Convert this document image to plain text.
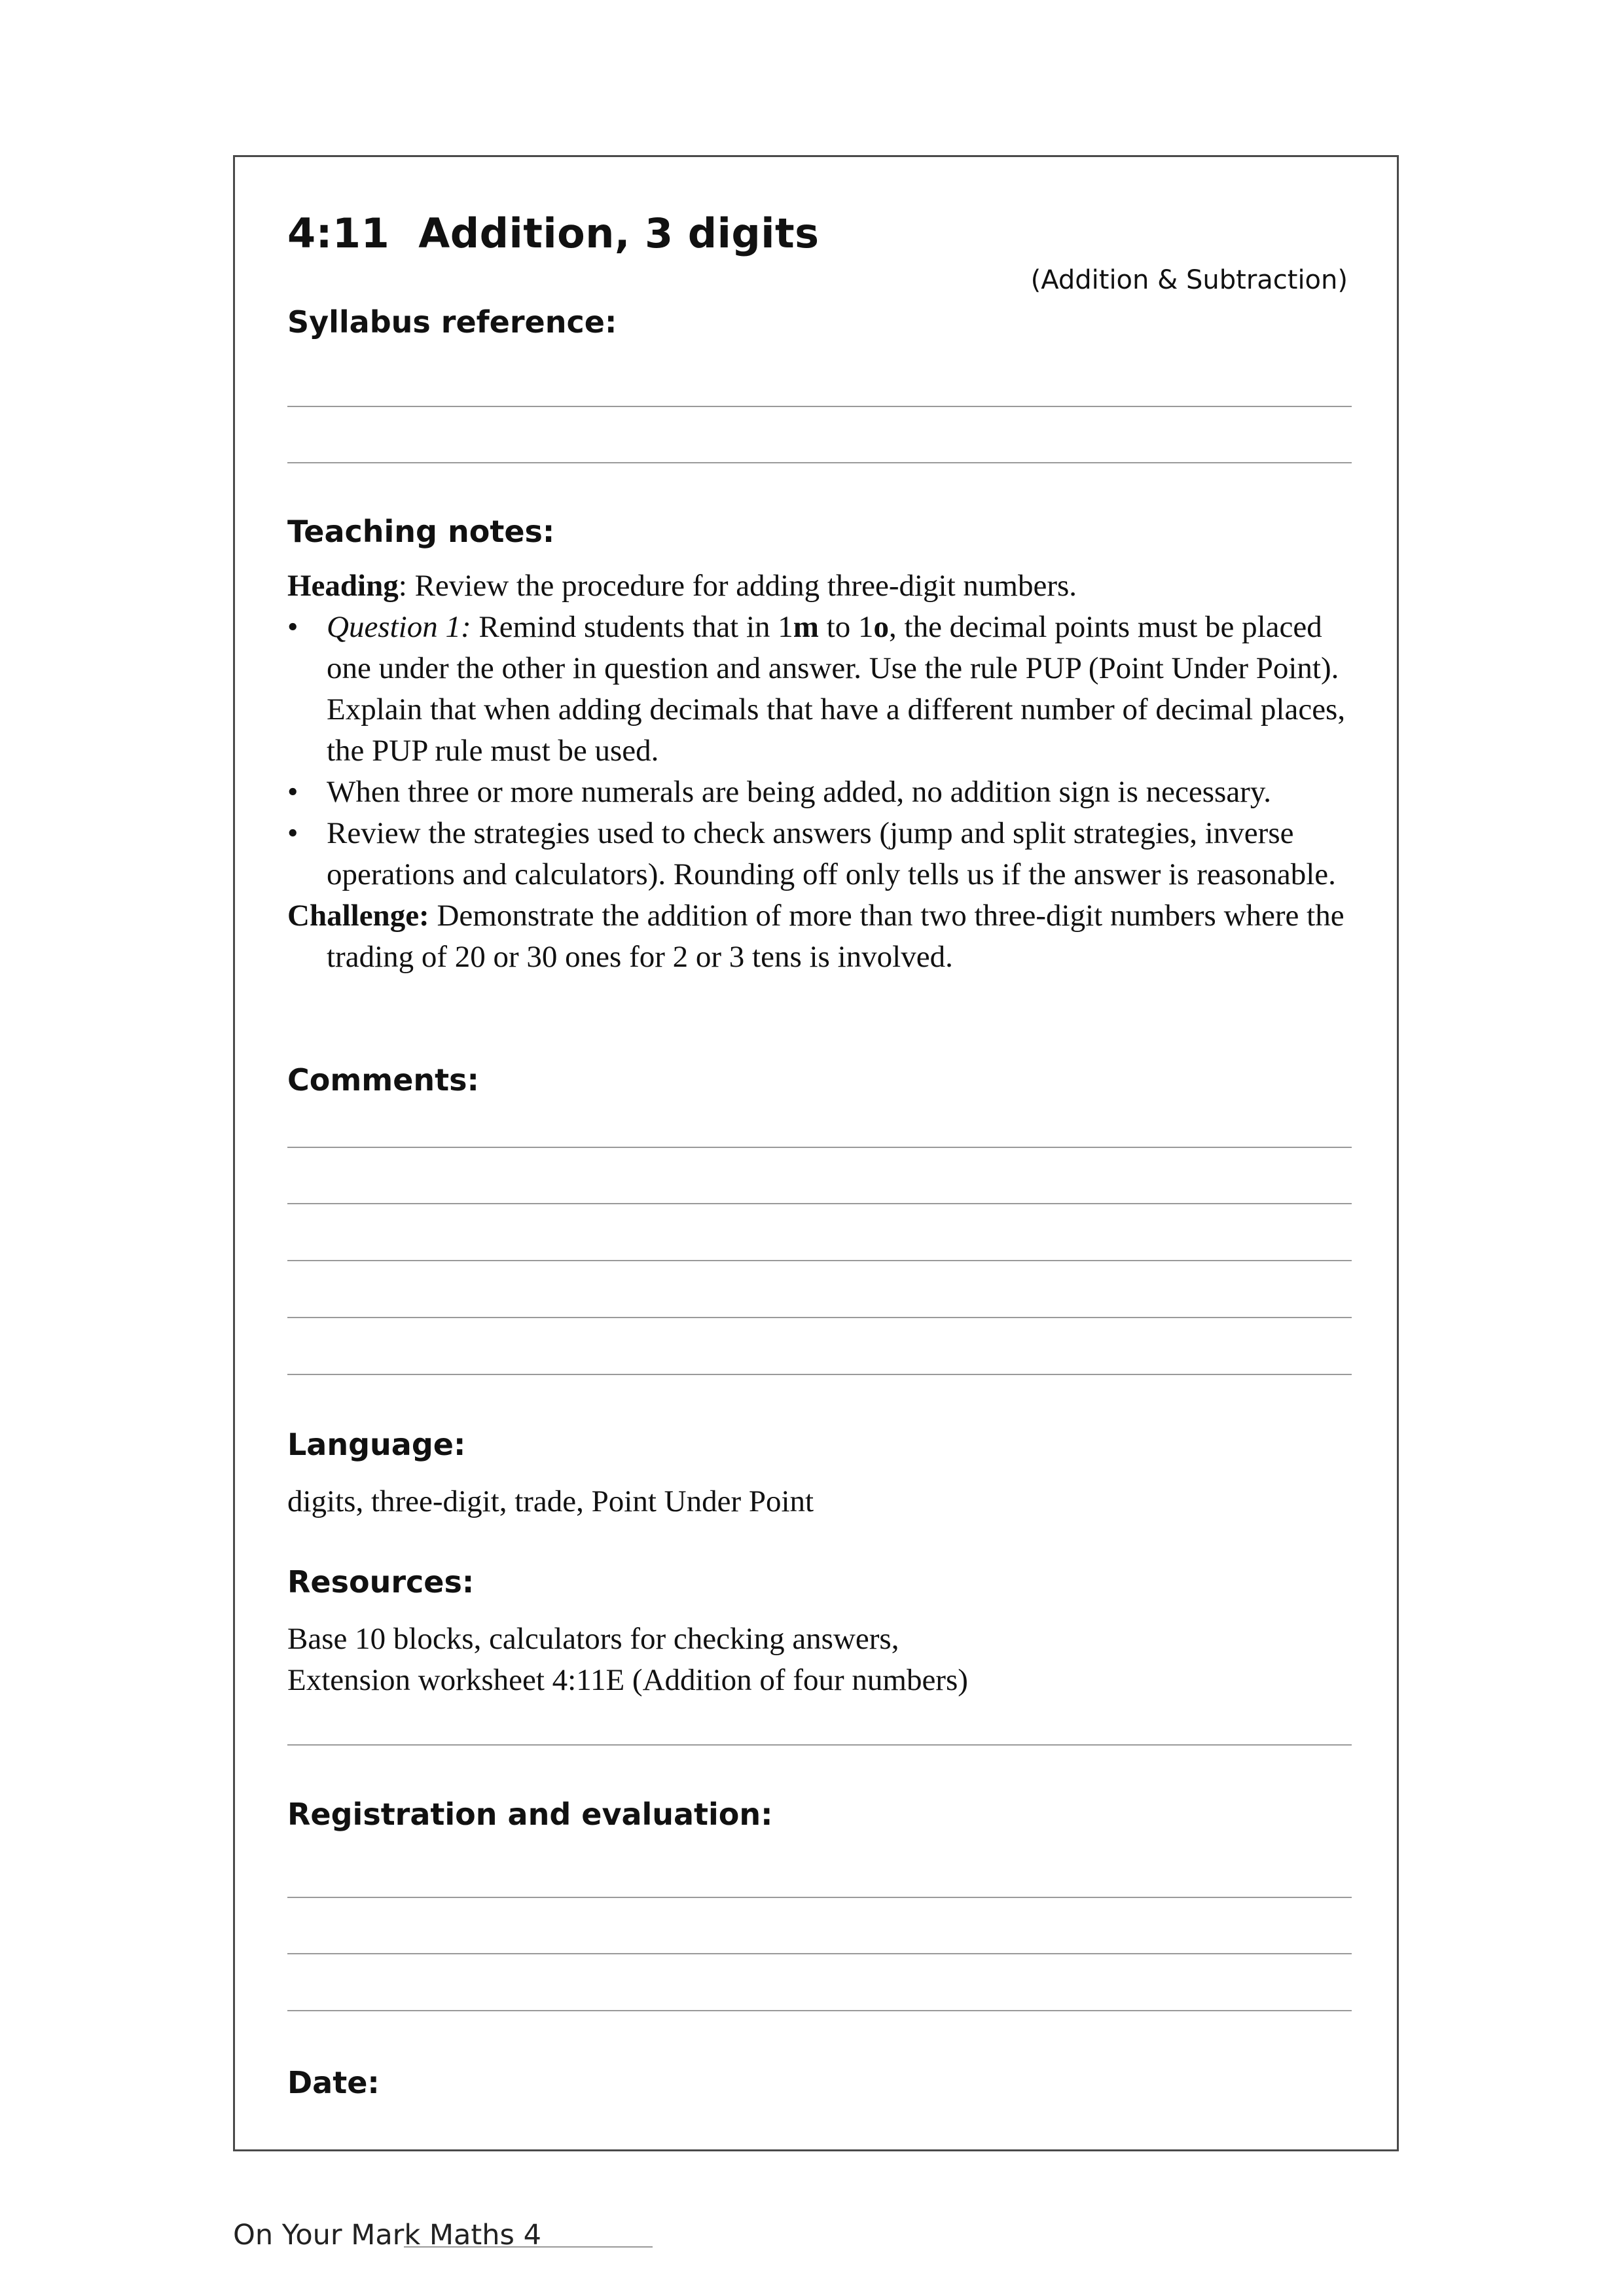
4:11 Addition, 3 digits
(Addition & Subtraction)
Syllabus reference:
Teaching notes:

Heading: Review the procedure for adding three-digit numbers.

• Question 1: Remind students that in 1m to 1o, the decimal points must be placed one under the other in question and answer. Use the rule PUP (Point Under Point). Explain that when adding decimals that have a different number of decimal places, the PUP rule must be used.

• When three or more numerals are being added, no addition sign is necessary.

• Review the strategies used to check answers (jump and split strategies, inverse operations and calculators). Rounding off only tells us if the answer is reasonable.

Challenge: Demonstrate the addition of more than two three-digit numbers where the trading of 20 or 30 ones for 2 or 3 tens is involved.

Comments:
Language:
digits, three-digit, trade, Point Under Point
Resources:

Base 10 blocks, calculators for checking answers,

Extension worksheet 4:11E (Addition of four numbers)

Registration and evaluation:
Date:
On Your Mark Maths 4
